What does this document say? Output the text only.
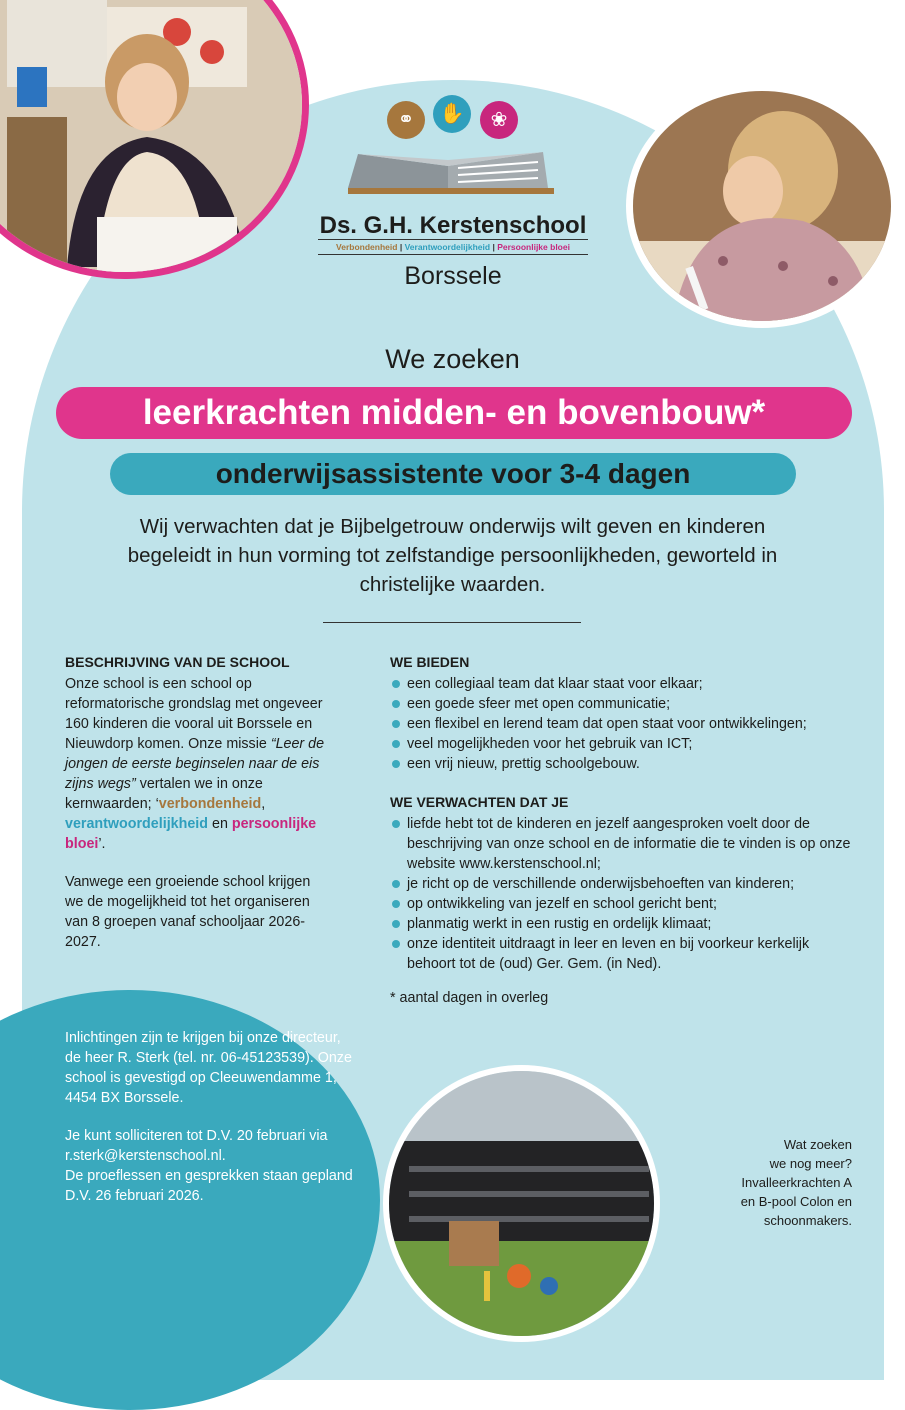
⚭	✋	❀
Ds. G.H. Kerstenschool
Verbondenheid | Verantwoordelijkheid | Persoonlijke bloei
Borssele
We zoeken
leerkrachten midden- en bovenbouw*
onderwijsassistente voor 3-4 dagen
Wij verwachten dat je Bijbelgetrouw onderwijs wilt geven en kinderen begeleidt in hun vorming tot zelfstandige persoonlijkheden, geworteld in christelijke waarden.
BESCHRIJVING VAN DE SCHOOL

Onze school is een school op reformatorische grondslag met ongeveer 160 kinderen die vooral uit Borssele en Nieuwdorp komen. Onze missie “Leer de jongen de eerste beginselen naar de eis zijns wegs” vertalen we in onze kernwaarden; ‘verbondenheid, verantwoordelijkheid en persoonlijke bloei’.

Vanwege een groeiende school krijgen we de mogelijkheid tot het organiseren van 8 groepen vanaf schooljaar 2026-2027.

WE BIEDEN
een collegiaal team dat klaar staat voor elkaar;
een goede sfeer met open communicatie;
een flexibel en lerend team dat open staat voor ontwikkelingen;
veel mogelijkheden voor het gebruik van ICT;
een vrij nieuw, prettig schoolgebouw.
WE VERWACHTEN DAT JE
liefde hebt tot de kinderen en jezelf aangesproken voelt door de beschrijving van onze school en de informatie die te vinden is op onze website www.kerstenschool.nl;
je richt op de verschillende onderwijsbehoeften van kinderen;
op ontwikkeling van jezelf en school gericht bent;
planmatig werkt in een rustig en ordelijk klimaat;
onze identiteit uitdraagt in leer en leven en bij voorkeur kerkelijk behoort tot de (oud) Ger. Gem. (in Ned).

* aantal dagen in overleg

Inlichtingen zijn te krijgen bij onze directeur, de heer R. Sterk (tel. nr. 06-45123539). Onze school is gevestigd op Cleeuwendamme 1, 4454 BX Borssele.

Je kunt solliciteren tot D.V. 20 februari via r.sterk@kerstenschool.nl.

De proeflessen en gesprekken staan gepland D.V. 26 februari 2026.

Wat zoeken
we nog meer?
Invalleerkrachten A
en B-pool Colon en
schoonmakers.
